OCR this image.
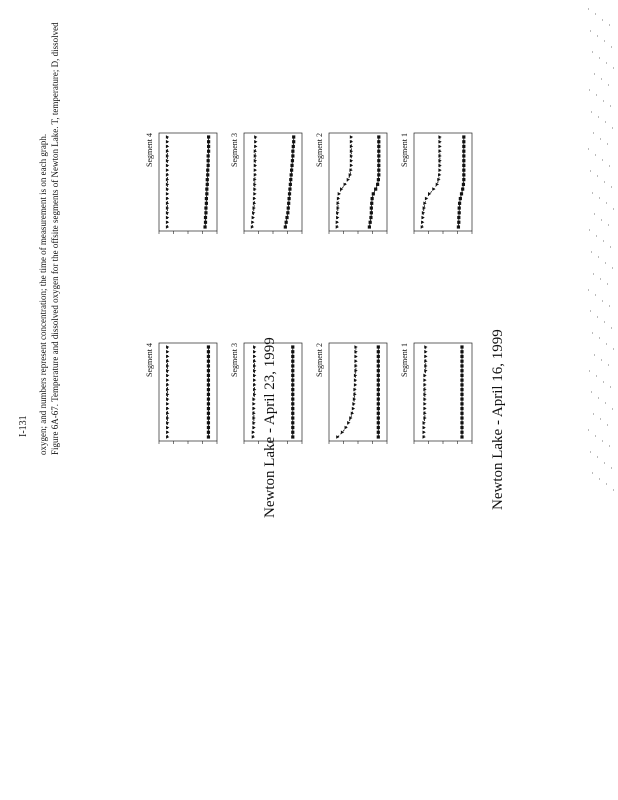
Newton Lake - April 16, 1999
Newton Lake - April 23, 1999	Segment 1
Segment 2
Segment 3
Segment 4
Segment 1
Segment 2
Segment 3
Segment 4
Figure 6A-67. Temperature and dissolved oxygen for the offsite segments of Newton Lake. T, temperature; D, dissolved
oxygen; and numbers represent concentration; the time of measurement is on each graph.
I-131
